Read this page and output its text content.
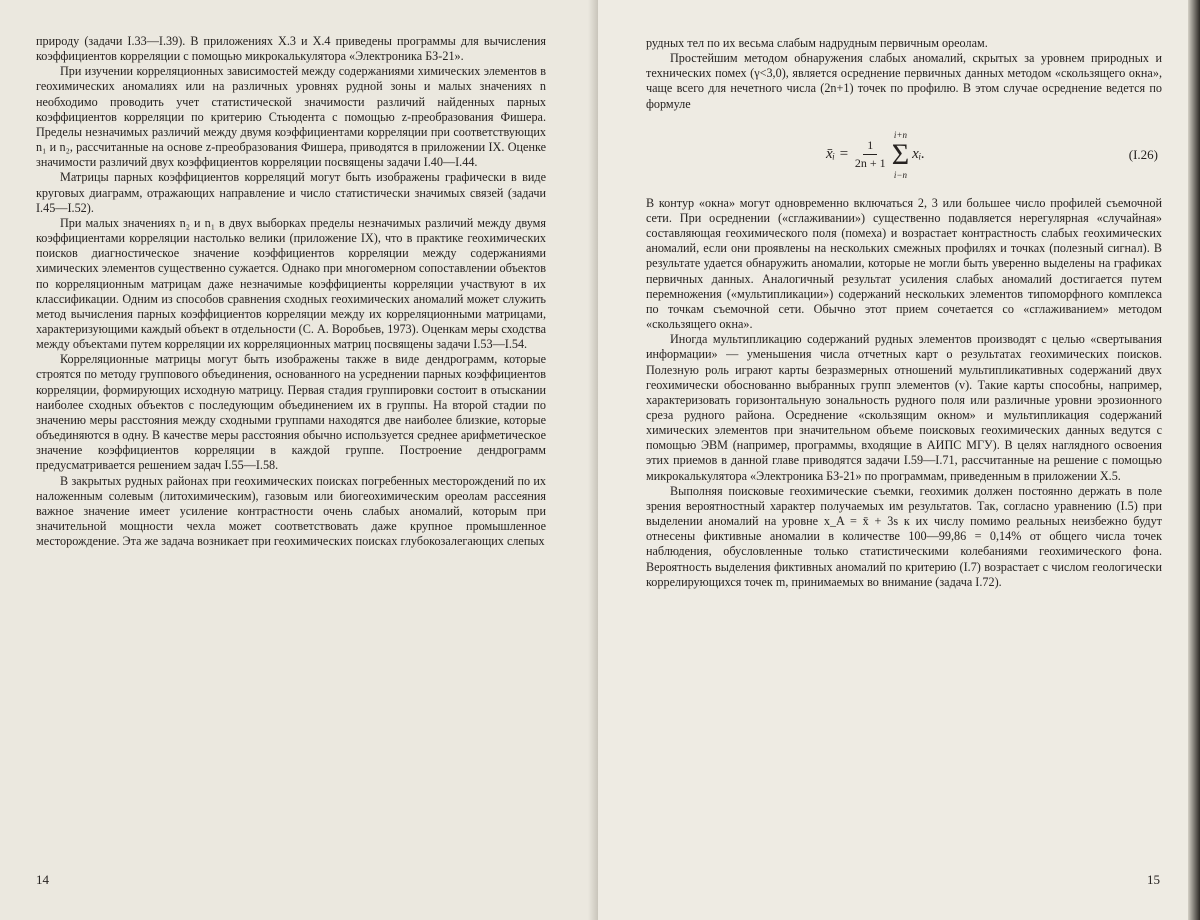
природу (задачи I.33—I.39). В приложениях X.3 и X.4 приведены программы для вычисления коэффициентов корреляции с помощью микрокалькулятора «Электроника БЗ-21».

При изучении корреляционных зависимостей между содержаниями химических элементов в геохимических аномалиях или на различных уровнях рудной зоны и малых значениях n необходимо проводить учет статистической значимости различий найденных парных коэффициентов корреляции по критерию Стьюдента с помощью z-преобразования Фишера. Пределы незначимых различий между двумя коэффициентами корреляции при соответствующих n₁ и n₂, рассчитанные на основе z-преобразования Фишера, приводятся в приложении IX. Оценке значимости различий двух коэффициентов корреляции посвящены задачи I.40—I.44.

Матрицы парных коэффициентов корреляций могут быть изображены графически в виде круговых диаграмм, отражающих направление и число статистически значимых связей (задачи I.45—I.52).

При малых значениях n₂ и n₁ в двух выборках пределы незначимых различий между двумя коэффициентами корреляции настолько велики (приложение IX), что в практике геохимических поисков диагностическое значение коэффициентов корреляции между содержаниями химических элементов существенно сужается. Однако при многомерном сопоставлении объектов по корреляционным матрицам даже незначимые коэффициенты корреляции участвуют в их классификации. Одним из способов сравнения сходных геохимических аномалий может служить метод вычисления парных коэффициентов корреляции между их корреляционными матрицами, характеризующими каждый объект в отдельности (С. А. Воробьев, 1973). Оценкам меры сходства между объектами путем корреляции их корреляционных матриц посвящены задачи I.53—I.54.

Корреляционные матрицы могут быть изображены также в виде дендрограмм, которые строятся по методу группового объединения, основанного на усреднении парных коэффициентов корреляции, формирующих исходную матрицу. Первая стадия группировки состоит в отыскании наиболее сходных объектов с последующим объединением их в группы. На второй стадии по значению меры расстояния между сходными группами находятся две наиболее близкие, которые объединяются в одну. В качестве меры расстояния обычно используется среднее арифметическое значение коэффициентов корреляции в каждой группе. Построение дендрограмм предусматривается решением задач I.55—I.58.

В закрытых рудных районах при геохимических поисках погребенных месторождений по их наложенным солевым (литохимическим), газовым или биогеохимическим ореолам рассеяния важное значение имеет усиление контрастности очень слабых аномалий, которым при значительной мощности чехла может соответствовать даже крупное промышленное месторождение. Эта же задача возникает при геохимических поисках глубокозалегающих слепых

14

рудных тел по их весьма слабым надрудным первичным ореолам.

Простейшим методом обнаружения слабых аномалий, скрытых за уровнем природных и технических помех (γ<3,0), является осреднение первичных данных методом «скользящего окна», чаще всего для нечетного числа (2n+1) точек по профилю. В этом случае осреднение ведется по формуле

x̄ᵢ = $\frac{1}{2n + 1}$
i+n
Σ
i−n
xᵢ.	(I.26)

В контур «окна» могут одновременно включаться 2, 3 или большее число профилей съемочной сети. При осреднении («сглаживании») существенно подавляется нерегулярная «случайная» составляющая геохимического поля (помеха) и возрастает контрастность слабых геохимических аномалий, если они проявлены на нескольких смежных профилях и точках (полезный сигнал). В результате удается обнаружить аномалии, которые не могли быть уверенно выделены на графиках первичных данных. Аналогичный результат усиления слабых аномалий достигается путем перемножения («мультипликации») содержаний нескольких элементов типоморфного комплекса по точкам съемочной сети. Обычно этот прием сочетается со «сглаживанием» методом «скользящего окна».

Иногда мультипликацию содержаний рудных элементов производят с целью «свертывания информации» — уменьшения числа отчетных карт о результатах геохимических поисков. Полезную роль играют карты безразмерных отношений мультипликативных содержаний двух геохимически обоснованно выбранных групп элементов (v). Такие карты способны, например, характеризовать горизонтальную зональность рудного поля или различные уровни эрозионного среза рудного района. Осреднение «скользящим окном» и мультипликация содержаний химических элементов при значительном объеме поисковых геохимических данных ведутся с помощью ЭВМ (например, программы, входящие в АИПС МГУ). В целях наглядного освоения этих приемов в данной главе приводятся задачи I.59—I.71, рассчитанные на решение с помощью микрокалькулятора «Электроника БЗ-21» по программам, приведенным в приложении X.5.

Выполняя поисковые геохимические съемки, геохимик должен постоянно держать в поле зрения вероятностный характер получаемых им результатов. Так, согласно уравнению (I.5) при выделении аномалий на уровне x_A = x̄ + 3s к их числу помимо реальных неизбежно будут отнесены фиктивные аномалии в количестве 100—99,86 = 0,14% от общего числа точек наблюдения, обусловленные только статистическими колебаниями геохимического фона. Вероятность выделения фиктивных аномалий по критерию (I.7) возрастает с числом геологически коррелирующихся точек m, принимаемых во внимание (задача I.72).

15
